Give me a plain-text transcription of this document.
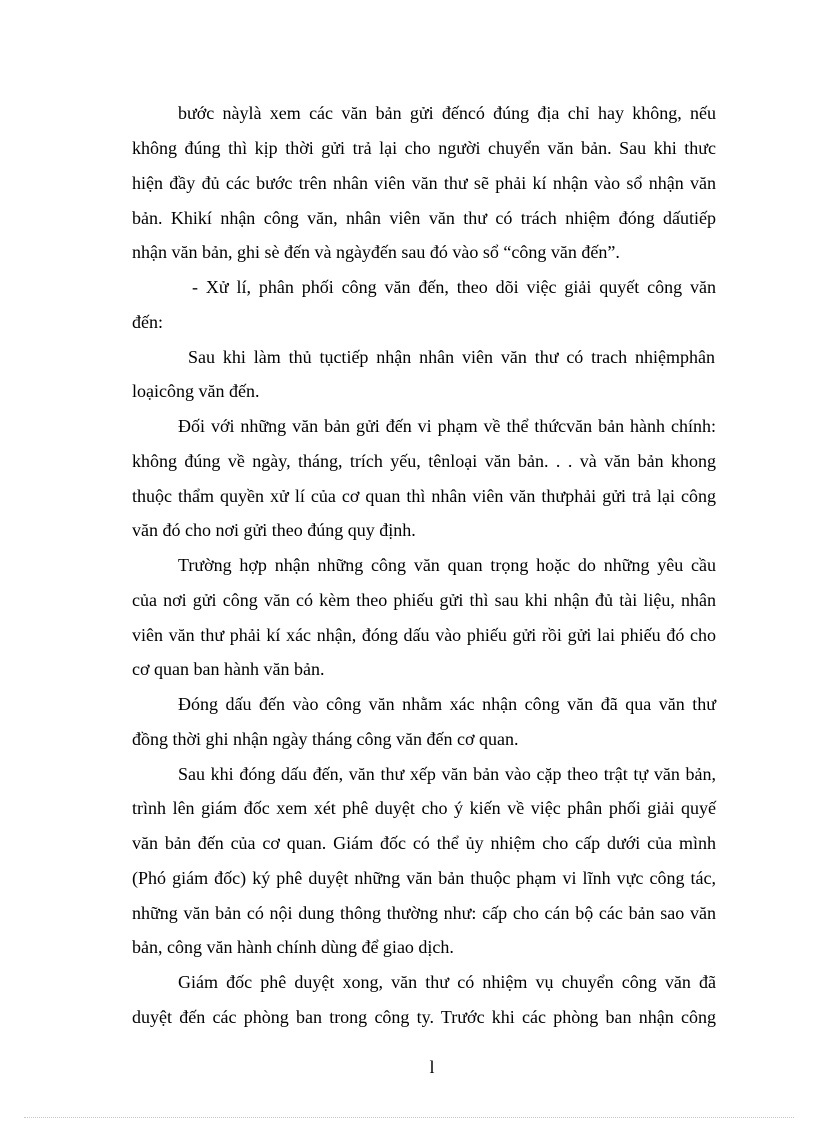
bước nàylà xem các văn bản gửi đếncó đúng địa chỉ hay không, nếu

không đúng thì kịp thời gửi trả lại cho người chuyển văn bản. Sau khi thưc

hiện đầy đủ các bước trên nhân viên văn thư sẽ phải kí nhận vào sổ nhận văn

bản. Khikí nhận công văn, nhân viên văn thư có trách nhiệm đóng dấutiếp

nhận văn bản, ghi sè đến và ngàyđến sau đó vào sổ “công văn đến”.

- Xử lí, phân phối công văn đến, theo dõi việc giải quyết công văn

đến:

Sau khi làm thủ tụctiếp nhận nhân viên văn thư có trach nhiệmphân

loạicông văn đến.

Đối với những văn bản gửi đến vi phạm về thể thứcvăn bản hành chính:

không đúng về ngày, tháng, trích yếu, tênloại văn bản. . . và văn bản khong

thuộc thẩm quyền xử lí của cơ quan thì nhân viên văn thưphải gửi trả lại công

văn đó cho nơi gửi theo đúng quy định.

Trường hợp nhận những công văn quan trọng hoặc do những yêu cầu

của nơi gửi công văn có kèm theo phiếu gửi thì sau khi nhận đủ tài liệu, nhân

viên văn thư phải kí xác nhận, đóng dấu vào phiếu gửi rồi gửi lai phiếu đó cho

cơ quan ban hành văn bản.

Đóng dấu đến vào công văn nhằm xác nhận công văn đã qua văn thư

đồng thời ghi nhận ngày tháng công văn đến cơ quan.

Sau khi đóng dấu đến, văn thư xếp văn bản vào cặp theo trật tự văn bản,

trình lên giám đốc xem xét phê duyệt cho ý kiến về việc phân phối giải quyế

văn bản đến của cơ quan. Giám đốc có thể ủy nhiệm cho cấp dưới của mình

(Phó giám đốc) ký phê duyệt những văn bản thuộc phạm vi lĩnh vực công tác,

những văn bản có nội dung thông thường như: cấp cho cán bộ các bản sao văn

bản, công văn hành chính dùng để giao dịch.

Giám đốc phê duyệt xong, văn thư có nhiệm vụ chuyển công văn đã

duyệt đến các phòng ban trong công ty. Trước khi các phòng ban nhận công

l
